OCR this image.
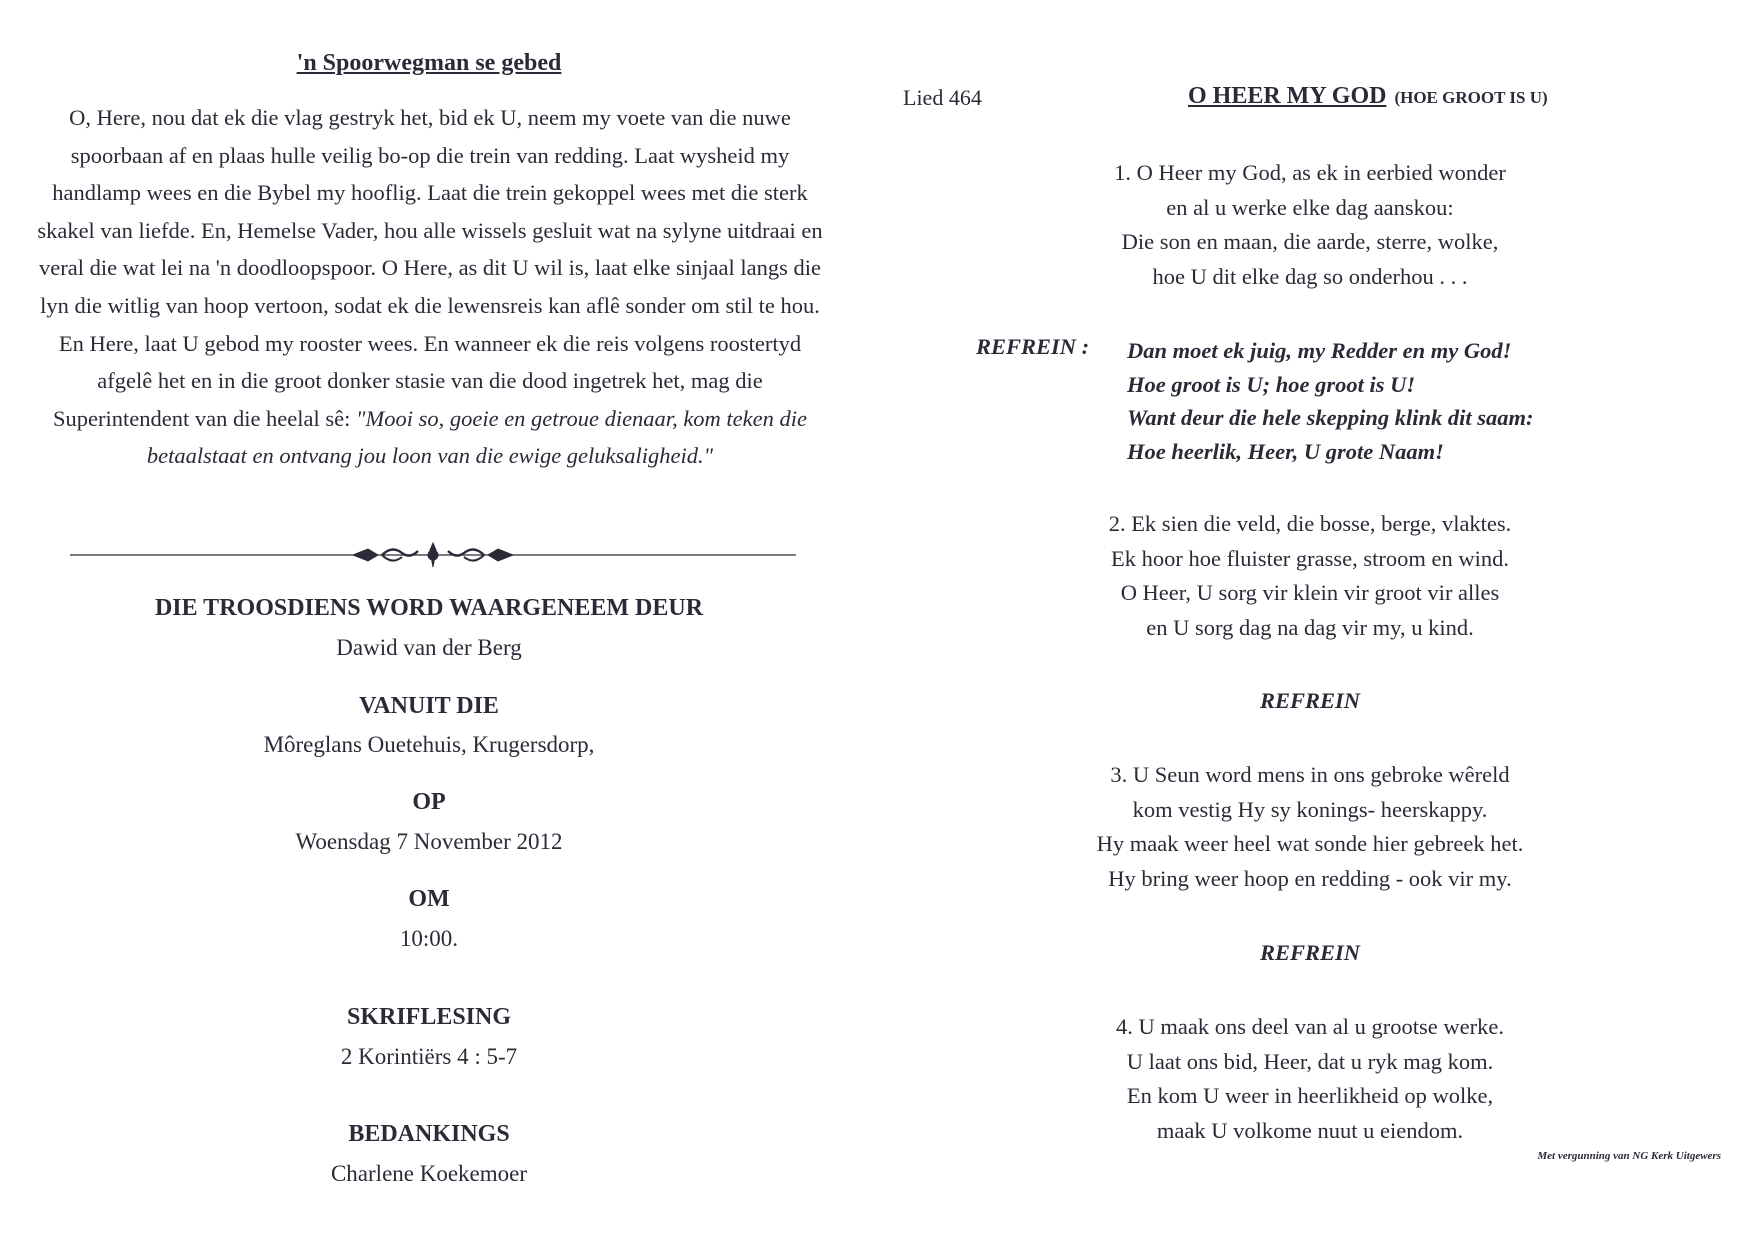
'n Spoorwegman se gebed

O, Here, nou dat ek die vlag gestryk het, bid ek U, neem my voete van die nuwe spoorbaan af en plaas hulle veilig bo-op die trein van redding. Laat wysheid my handlamp wees en die Bybel my hooflig. Laat die trein gekoppel wees met die sterk skakel van liefde. En, Hemelse Vader, hou alle wissels gesluit wat na sylyne uitdraai en veral die wat lei na 'n doodloopspoor. O Here, as dit U wil is, laat elke sinjaal langs die lyn die witlig van hoop vertoon, sodat ek die lewensreis kan aflê sonder om stil te hou. En Here, laat U gebod my rooster wees. En wanneer ek die reis volgens roostertyd afgelê het en in die groot donker stasie van die dood ingetrek het, mag die Superintendent van die heelal sê: "Mooi so, goeie en getroue dienaar, kom teken die betaalstaat en ontvang jou loon van die ewige geluksaligheid."

DIE TROOSDIENS WORD WAARGENEEM DEUR
Dawid van der Berg
VANUIT DIE
Môreglans Ouetehuis, Krugersdorp,
OP
Woensdag 7 November 2012
OM
10:00.
SKRIFLESING
2 Korintiërs 4 : 5-7
BEDANKINGS
Charlene Koekemoer
Lied 464	O HEER MY GOD (HOE GROOT IS U)

1. O Heer my God, as ek in eerbied wonder
en al u werke elke dag aanskou:
Die son en maan, die aarde, sterre, wolke,
hoe U dit elke dag so onderhou . . .

REFREIN : Dan moet ek juig, my Redder en my God!
Hoe groot is U; hoe groot is U!
Want deur die hele skepping klink dit saam:
Hoe heerlik, Heer, U grote Naam!

2. Ek sien die veld, die bosse, berge, vlaktes.
Ek hoor hoe fluister grasse, stroom en wind.
O Heer, U sorg vir klein vir groot vir alles
en U sorg dag na dag vir my, u kind.

REFREIN

3. U Seun word mens in ons gebroke wêreld
kom vestig Hy sy konings- heerskappy.
Hy maak weer heel wat sonde hier gebreek het.
Hy bring weer hoop en redding - ook vir my.

REFREIN

4. U maak ons deel van al u grootse werke.
U laat ons bid, Heer, dat u ryk mag kom.
En kom U weer in heerlikheid op wolke,
maak U volkome nuut u eiendom.

Met vergunning van NG Kerk Uitgewers
